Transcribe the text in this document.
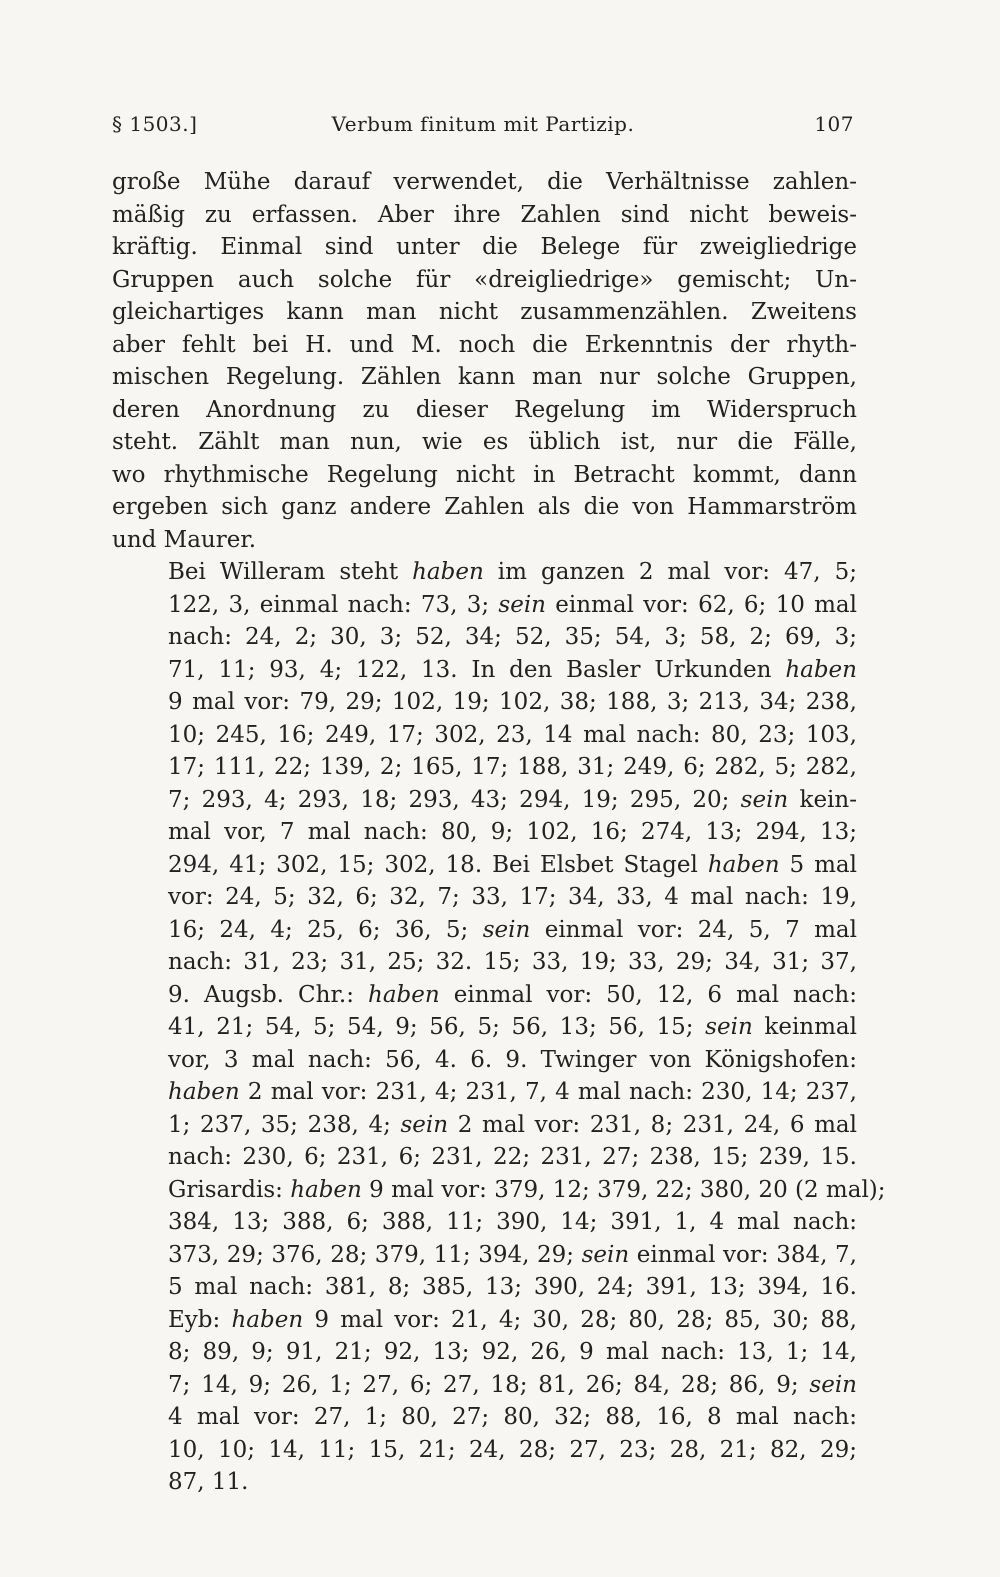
§ 1503.]	Verbum finitum mit Partizip.	107

große Mühe darauf verwendet, die Verhältnisse zahlen-
mäßig zu erfassen. Aber ihre Zahlen sind nicht beweis-
kräftig. Einmal sind unter die Belege für zweigliedrige
Gruppen auch solche für «dreigliedrige» gemischt; Un-
gleichartiges kann man nicht zusammenzählen. Zweitens
aber fehlt bei H. und M. noch die Erkenntnis der rhyth-
mischen Regelung. Zählen kann man nur solche Gruppen,
deren Anordnung zu dieser Regelung im Widerspruch
steht. Zählt man nun, wie es üblich ist, nur die Fälle,
wo rhythmische Regelung nicht in Betracht kommt, dann
ergeben sich ganz andere Zahlen als die von Hammarström
und Maurer.

Bei Willeram steht haben im ganzen 2 mal vor: 47, 5;
122, 3, einmal nach: 73, 3; sein einmal vor: 62, 6; 10 mal
nach: 24, 2; 30, 3; 52, 34; 52, 35; 54, 3; 58, 2; 69, 3;
71, 11; 93, 4; 122, 13. In den Basler Urkunden haben
9 mal vor: 79, 29; 102, 19; 102, 38; 188, 3; 213, 34; 238,
10; 245, 16; 249, 17; 302, 23, 14 mal nach: 80, 23; 103,
17; 111, 22; 139, 2; 165, 17; 188, 31; 249, 6; 282, 5; 282,
7; 293, 4; 293, 18; 293, 43; 294, 19; 295, 20; sein kein-
mal vor, 7 mal nach: 80, 9; 102, 16; 274, 13; 294, 13;
294, 41; 302, 15; 302, 18. Bei Elsbet Stagel haben 5 mal
vor: 24, 5; 32, 6; 32, 7; 33, 17; 34, 33, 4 mal nach: 19,
16; 24, 4; 25, 6; 36, 5; sein einmal vor: 24, 5, 7 mal
nach: 31, 23; 31, 25; 32. 15; 33, 19; 33, 29; 34, 31; 37,
9. Augsb. Chr.: haben einmal vor: 50, 12, 6 mal nach:
41, 21; 54, 5; 54, 9; 56, 5; 56, 13; 56, 15; sein keinmal
vor, 3 mal nach: 56, 4. 6. 9. Twinger von Königshofen:
haben 2 mal vor: 231, 4; 231, 7, 4 mal nach: 230, 14; 237,
1; 237, 35; 238, 4; sein 2 mal vor: 231, 8; 231, 24, 6 mal
nach: 230, 6; 231, 6; 231, 22; 231, 27; 238, 15; 239, 15.
Grisardis: haben 9 mal vor: 379, 12; 379, 22; 380, 20 (2 mal);
384, 13; 388, 6; 388, 11; 390, 14; 391, 1, 4 mal nach:
373, 29; 376, 28; 379, 11; 394, 29; sein einmal vor: 384, 7,
5 mal nach: 381, 8; 385, 13; 390, 24; 391, 13; 394, 16.
Eyb: haben 9 mal vor: 21, 4; 30, 28; 80, 28; 85, 30; 88,
8; 89, 9; 91, 21; 92, 13; 92, 26, 9 mal nach: 13, 1; 14,
7; 14, 9; 26, 1; 27, 6; 27, 18; 81, 26; 84, 28; 86, 9; sein
4 mal vor: 27, 1; 80, 27; 80, 32; 88, 16, 8 mal nach:
10, 10; 14, 11; 15, 21; 24, 28; 27, 23; 28, 21; 82, 29;
87, 11.
